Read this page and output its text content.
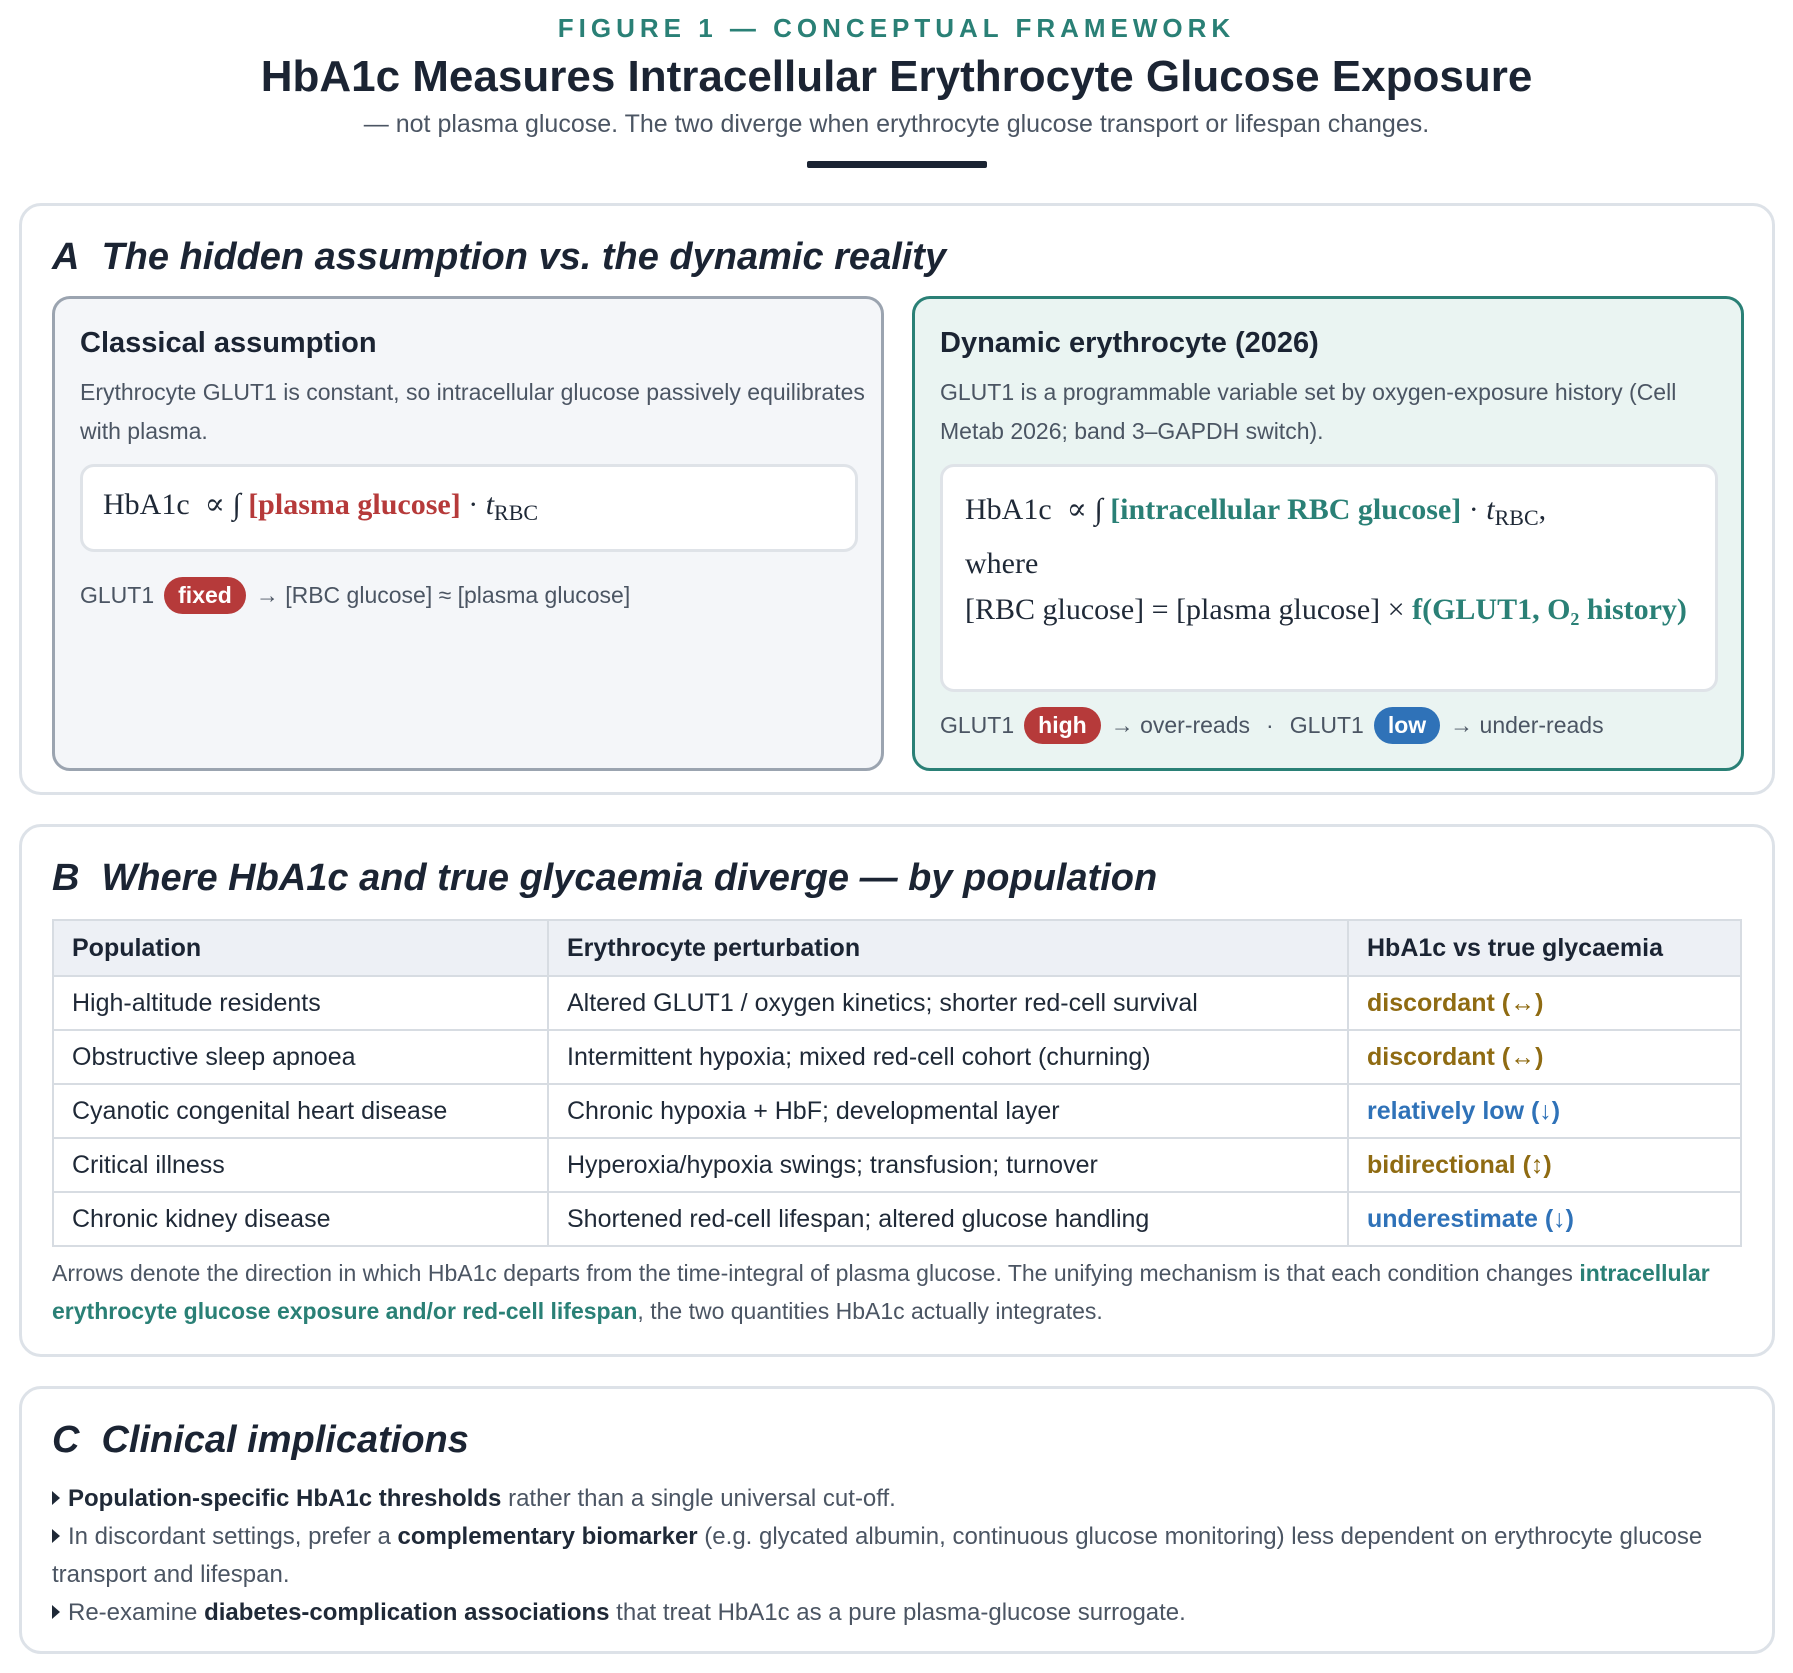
FIGURE 1 — CONCEPTUAL FRAMEWORK
HbA1c Measures Intracellular Erythrocyte Glucose Exposure
— not plasma glucose. The two diverge when erythrocyte glucose transport or lifespan changes.
A The hidden assumption vs. the dynamic reality
Classical assumption
Erythrocyte GLUT1 is constant, so intracellular glucose passively equilibrates with plasma.
HbA1c ∝ ∫ [plasma $glucose] \cdot t_{RBC}$
GLUT1	fixed	→ [RBC glucose] ≈ [plasma glucose]
Dynamic erythrocyte (2026)
GLUT1 is a programmable variable set by oxygen-exposure history (Cell Metab 2026; band 3–GAPDH switch).
HbA1c ∝ ∫ [intracellular RBC $glucose] \cdot t_{RBC}$,
where
[RBC glucose] = [plasma glucose] × f(GLUT1, O₂ history)
GLUT1	high	→ over-reads · GLUT1	low	→ under-reads
B Where HbA1c and true glycaemia diverge — by population
Population	Erythrocyte perturbation	HbA1c vs true glycaemia
High-altitude residents	Altered GLUT1 / oxygen kinetics; shorter red-cell survival	discordant (↔)
Obstructive sleep apnoea	Intermittent hypoxia; mixed red-cell cohort (churning)	discordant (↔)
Cyanotic congenital heart disease	Chronic hypoxia + HbF; developmental layer	relatively low (↓)
Critical illness	Hyperoxia/hypoxia swings; transfusion; turnover	bidirectional (↕)
Chronic kidney disease	Shortened red-cell lifespan; altered glucose handling	underestimate (↓)
Arrows denote the direction in which HbA1c departs from the time-integral of plasma glucose. The unifying mechanism is that each condition changes intracellular erythrocyte glucose exposure and/or red-cell lifespan, the two quantities HbA1c actually integrates.
C Clinical implications
Population-specific HbA1c thresholds rather than a single universal cut-off.
In discordant settings, prefer a complementary biomarker (e.g. glycated albumin, continuous glucose monitoring) less dependent on erythrocyte glucose transport and lifespan.
Re-examine diabetes-complication associations that treat HbA1c as a pure plasma-glucose surrogate.
